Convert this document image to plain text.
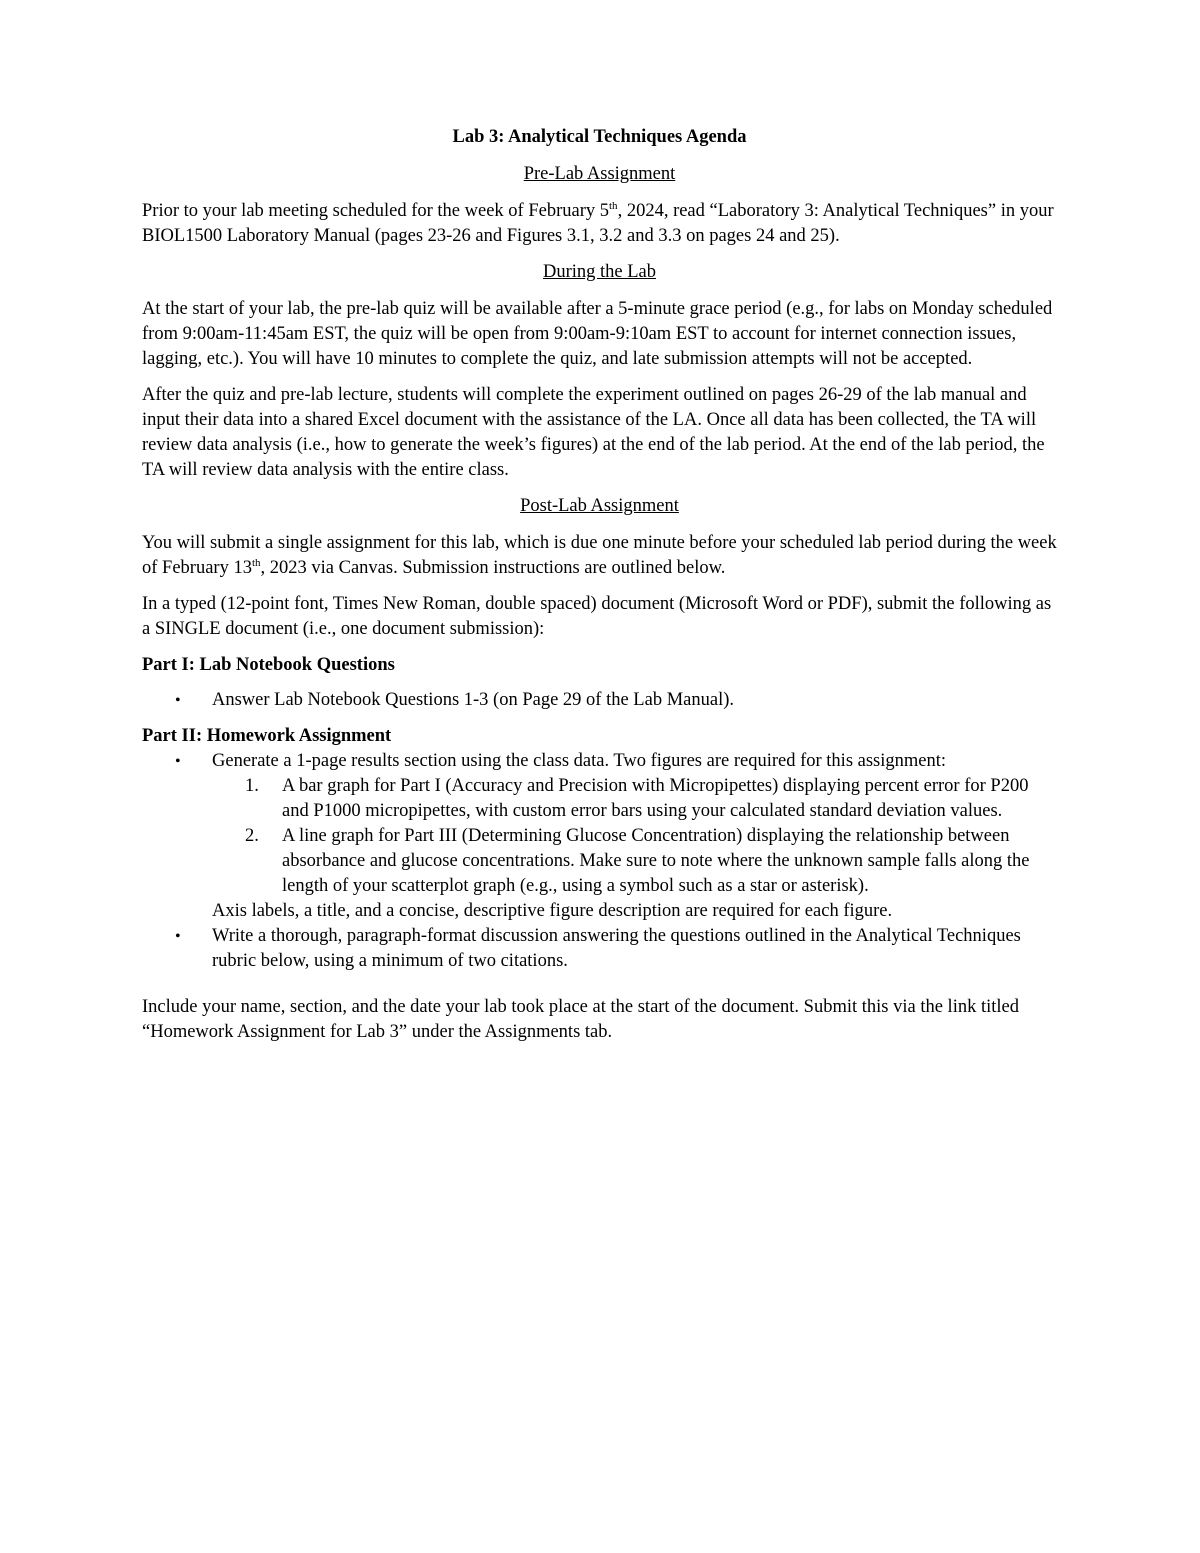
Lab 3: Analytical Techniques Agenda
Pre-Lab Assignment

Prior to your lab meeting scheduled for the week of February 5th, 2024, read “Laboratory 3: Analytical Techniques” in your BIOL1500 Laboratory Manual (pages 23-26 and Figures 3.1, 3.2 and 3.3 on pages 24 and 25).

During the Lab

At the start of your lab, the pre-lab quiz will be available after a 5-minute grace period (e.g., for labs on Monday scheduled from 9:00am-11:45am EST, the quiz will be open from 9:00am-9:10am EST to account for internet connection issues, lagging, etc.). You will have 10 minutes to complete the quiz, and late submission attempts will not be accepted.

After the quiz and pre-lab lecture, students will complete the experiment outlined on pages 26-29 of the lab manual and input their data into a shared Excel document with the assistance of the LA. Once all data has been collected, the TA will review data analysis (i.e., how to generate the week’s figures) at the end of the lab period. At the end of the lab period, the TA will review data analysis with the entire class.

Post-Lab Assignment

You will submit a single assignment for this lab, which is due one minute before your scheduled lab period during the week of February 13th, 2023 via Canvas. Submission instructions are outlined below.

In a typed (12-point font, Times New Roman, double spaced) document (Microsoft Word or PDF), submit the following as a SINGLE document (i.e., one document submission):

Part I: Lab Notebook Questions
• Answer Lab Notebook Questions 1-3 (on Page 29 of the Lab Manual).
Part II: Homework Assignment
• Generate a 1-page results section using the class data. Two figures are required for this assignment:
1. A bar graph for Part I (Accuracy and Precision with Micropipettes) displaying percent error for P200 and P1000 micropipettes, with custom error bars using your calculated standard deviation values.
2. A line graph for Part III (Determining Glucose Concentration) displaying the relationship between absorbance and glucose concentrations. Make sure to note where the unknown sample falls along the length of your scatterplot graph (e.g., using a symbol such as a star or asterisk).
Axis labels, a title, and a concise, descriptive figure description are required for each figure.
• Write a thorough, paragraph-format discussion answering the questions outlined in the Analytical Techniques rubric below, using a minimum of two citations.

Include your name, section, and the date your lab took place at the start of the document. Submit this via the link titled “Homework Assignment for Lab 3” under the Assignments tab.
